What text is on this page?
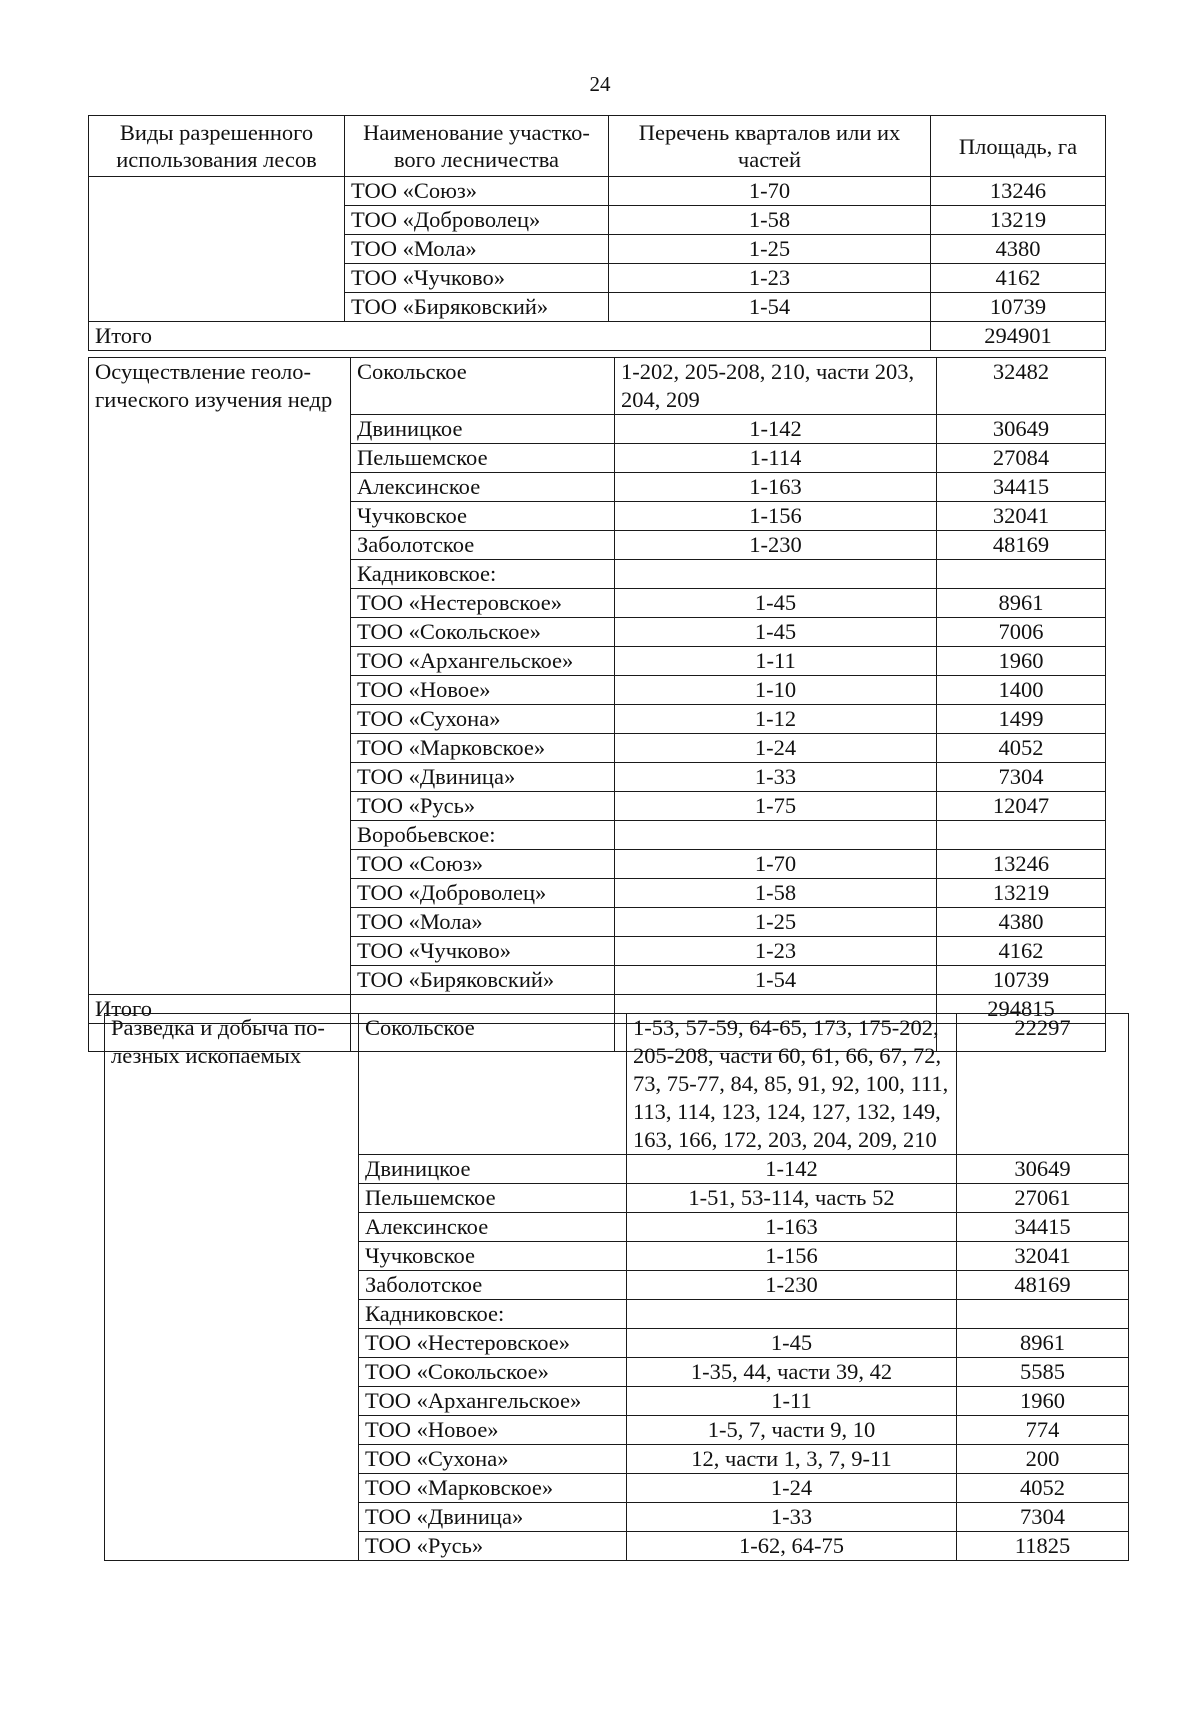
24
Виды разрешенного использования лесов	Наименование участко-вого лесничества	Перечень кварталов или их частей	Площадь, га
	ТОО «Союз»	1-70	13246
	ТОО «Доброволец»	1-58	13219
	ТОО «Мола»	1-25	4380
	ТОО «Чучково»	1-23	4162
	ТОО «Биряковский»	1-54	10739
Итого			294901
Осуществление геоло-гического изучения недр	Сокольское	1-202, 205-208, 210, части 203, 204, 209	32482
	Двиницкое	1-142	30649
	Пельшемское	1-114	27084
	Алексинское	1-163	34415
	Чучковское	1-156	32041
	Заболотское	1-230	48169
	Кадниковское:		
	ТОО «Нестеровское»	1-45	8961
	ТОО «Сокольское»	1-45	7006
	ТОО «Архангельское»	1-11	1960
	ТОО «Новое»	1-10	1400
	ТОО «Сухона»	1-12	1499
	ТОО «Марковское»	1-24	4052
	ТОО «Двиница»	1-33	7304
	ТОО «Русь»	1-75	12047
	Воробьевское:		
	ТОО «Союз»	1-70	13246
	ТОО «Доброволец»	1-58	13219
	ТОО «Мола»	1-25	4380
	ТОО «Чучково»	1-23	4162
	ТОО «Биряковский»	1-54	10739
Итого			294815

Разведка и добыча по-лезных ископаемых	Сокольское	1-53, 57-59, 64-65, 173, 175-202, 205-208, части 60, 61, 66, 67, 72, 73, 75-77, 84, 85, 91, 92, 100, 111, 113, 114, 123, 124, 127, 132, 149, 163, 166, 172, 203, 204, 209, 210	22297
	Двиницкое	1-142	30649
	Пельшемское	1-51, 53-114, часть 52	27061
	Алексинское	1-163	34415
	Чучковское	1-156	32041
	Заболотское	1-230	48169
	Кадниковское:		
	ТОО «Нестеровское»	1-45	8961
	ТОО «Сокольское»	1-35, 44, части 39, 42	5585
	ТОО «Архангельское»	1-11	1960
	ТОО «Новое»	1-5, 7, части 9, 10	774
	ТОО «Сухона»	12, части 1, 3, 7, 9-11	200
	ТОО «Марковское»	1-24	4052
	ТОО «Двиница»	1-33	7304
	ТОО «Русь»	1-62, 64-75	11825
